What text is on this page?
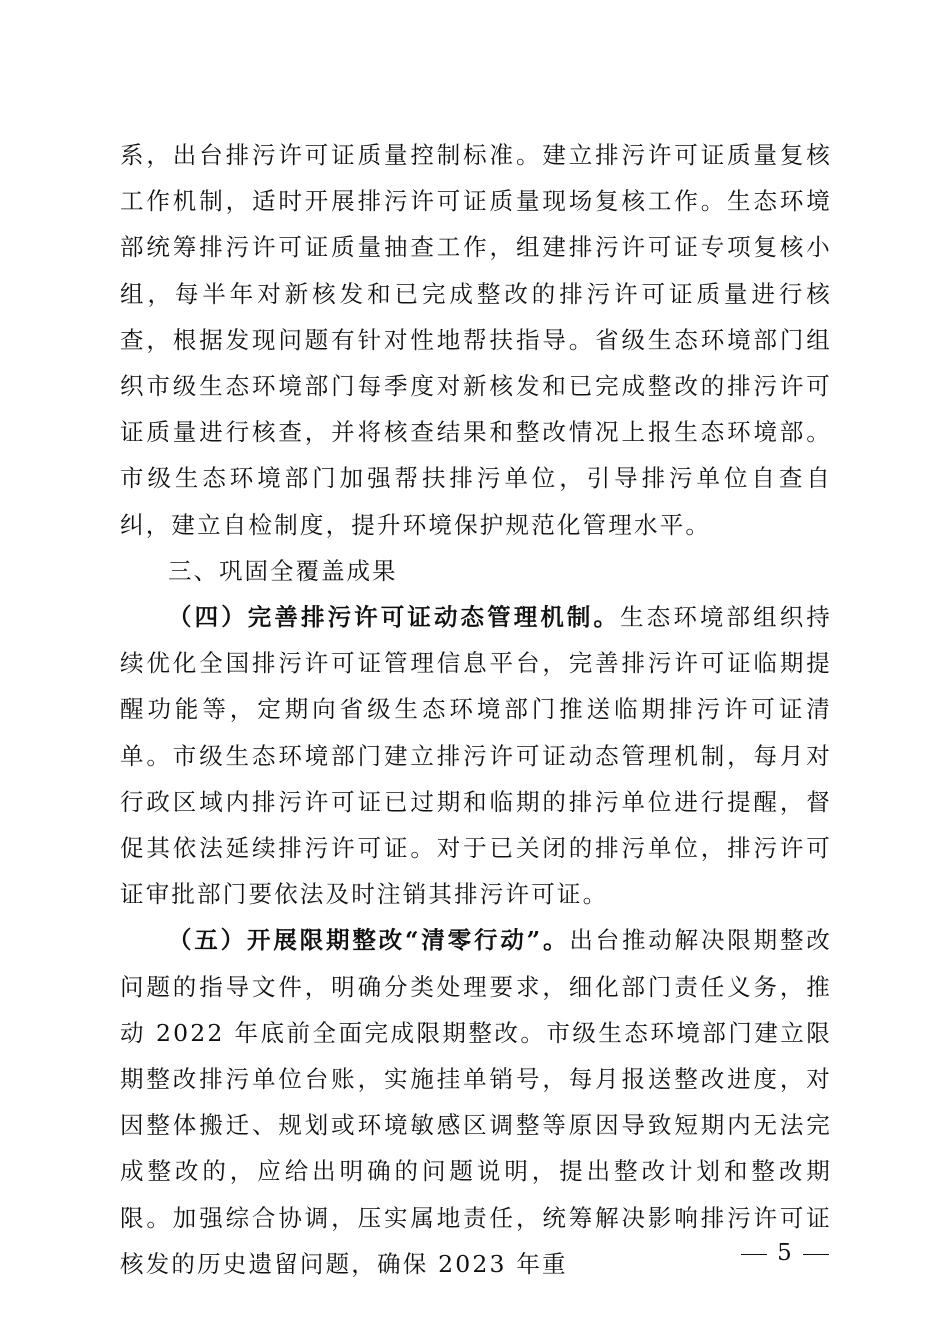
系，出台排污许可证质量控制标准。建立排污许可证质量复核工作机制，适时开展排污许可证质量现场复核工作。生态环境部统筹排污许可证质量抽查工作，组建排污许可证专项复核小组，每半年对新核发和已完成整改的排污许可证质量进行核查，根据发现问题有针对性地帮扶指导。省级生态环境部门组织市级生态环境部门每季度对新核发和已完成整改的排污许可证质量进行核查，并将核查结果和整改情况上报生态环境部。市级生态环境部门加强帮扶排污单位，引导排污单位自查自纠，建立自检制度，提升环境保护规范化管理水平。

三、巩固全覆盖成果

（四）完善排污许可证动态管理机制。生态环境部组织持续优化全国排污许可证管理信息平台，完善排污许可证临期提醒功能等，定期向省级生态环境部门推送临期排污许可证清单。市级生态环境部门建立排污许可证动态管理机制，每月对行政区域内排污许可证已过期和临期的排污单位进行提醒，督促其依法延续排污许可证。对于已关闭的排污单位，排污许可证审批部门要依法及时注销其排污许可证。

（五）开展限期整改“清零行动”。出台推动解决限期整改问题的指导文件，明确分类处理要求，细化部门责任义务，推动 2022 年底前全面完成限期整改。市级生态环境部门建立限期整改排污单位台账，实施挂单销号，每月报送整改进度，对因整体搬迁、规划或环境敏感区调整等原因导致短期内无法完成整改的，应给出明确的问题说明，提出整改计划和整改期限。加强综合协调，压实属地责任，统筹解决影响排污许可证核发的历史遗留问题，确保 2023 年重	5
